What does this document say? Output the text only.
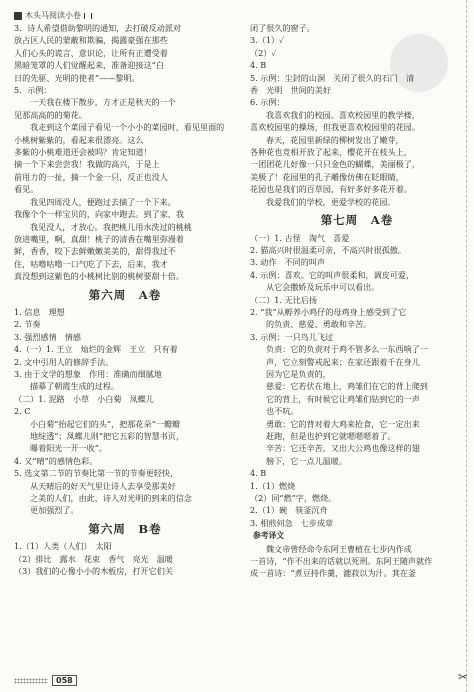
木头马阅读小卷
3．诗人希望借助黎明的通知，去打破反动派对
放占区人民的蒙蔽和欺骗，揭露豪强在那些
人们心头的谎言、意识论，让所有正遭受着
黑暗笼罩的人们觉醒起来，准备迎接这“白
日的先驱、光明的使者”——黎明。
5．示例：
一天我在楼下散步，方才正是秋天的一个
见那高高的的菊花。
我走到这个菜园子看见一个小小的菜园时，看见里面的
小桃树紫紫的，看起来很漂亮。这么
多紫的小桃难道还会被吗？肯定知道！
摘一个下来尝尝我！我做的高兴，于是上
前用力的一扯，摘一个金一只，反正也没人
看见。
我见四周没人，便跑过去摘了一个下来。
我像个个一样宝贝的，向家中跑去。到了家，我
我见没人，才放心。我把桃儿用水洗过的桃桃
放进嘴里，啊，真甜！桃子的清香在嘴里弥漫着
鲜，香香，咬下去鲜嫩嫩美美的，甜得我过不
住，咕噜咕噜一口气吃了下去，后来，我才
真没想到这紫色的小桃树比别的桃树要甜十倍。
第六周　A卷
1. 信息　理想
2. 节奏
3. 强烈感情　情感
4.（一）1. 王立　灿烂的金辉　王立　只有着
2. 文中引用人的修辞手法。
3. 由于文学的想象　作用：准确而细腻地
描摹了朝霞生成的过程。
（二）1. 泥路　小草　小白菊　凤蝶儿
2. C
小白菊“抬起它们的头”，把那花朵“一瓣瓣
地绽透”；凤蝶儿则“把它五彩的智慧书页，
曝着阳光一开一收”。
4. 又“晴”的感情色彩。
5. 选文第二节的节奏比第一节的节奏更轻快，
从天晴后的好天气里让诗人去享受那美好
之美的人们，由此，诗人对光明的到来的信念
更加强烈了。
第六周　B卷
1.（1）人类（人们）　太阳
（2）排比　露水　花束　香气　亮光　温暖
（3）我们的心像小小的木板房，打开它们关
闭了很久的窗子。
3.（1）✓
（2）✓
4. B
5. 示例：尘封的山洞　关闭了很久的石门　清
香　光明　世间的美好
6. 示例：
我喜欢我们的校园。喜欢校园里的教学楼，
喜欢校园里的操场，但我更喜欢校园里的花园。
春天，花园里新绿的柳树发出了嫩芽，
各种花也竞相开放了起来，樱花开在枝头上，
一团团花儿好像一只只金色的蝴蝶，美丽极了，
美极了！花园里的孔子雕像仿佛在眨眼睛，
花园也是我们的百草园，有好多好多花开着。
我爱我们的学校，更爱学校的花园。
第七周　A卷
（一）1. 古怪　淘气　喜爱
2. 猫高兴时很温柔可亲，不高兴时很孤傲。
3. 动作　不同的叫声
4. 示例：喜欢。它的叫声很柔和，调皮可爱，
从它会撒娇及玩乐中可以看出。
（二）1. 无比后扬
2. “我”从孵养小鸡仔的母鸡身上感受到了它
的负责、慈爱、勇敢和辛苦。
3. 示例：一只鸟儿飞过
负责：它的负责对于鸡不管多么一东西响了一
声，它立刻警戒起来；在家还跟着千在身儿
因为它是负责的，
慈爱：它若伏在地上，鸡雏们在它的背上爬到
它的背上，有时候它让鸡雏们钻到它的一声
也不吭。
勇敢：它的背对着大鸡来抢食，它一定出来
赶跑，但是也护到它就嗯嗯嗯着了。
辛苦：它还辛苦，又出大公鸡也像这样的翅
膀下，它一点儿温暖。
4. B
1.（1）燃烧
（2）同“燃”字，燃烧。
2.（1）碗　筷釜沉舟
3. 相煎何急　七步成章
参考译文
魏文帝曾经命令东阿王曹植在七步内作成
一首诗，“作不出来的话就以死刑。东阿王随声就作
成一首诗：“煮豆持作羹，漉菽以为汁。萁在釜
058	✂
